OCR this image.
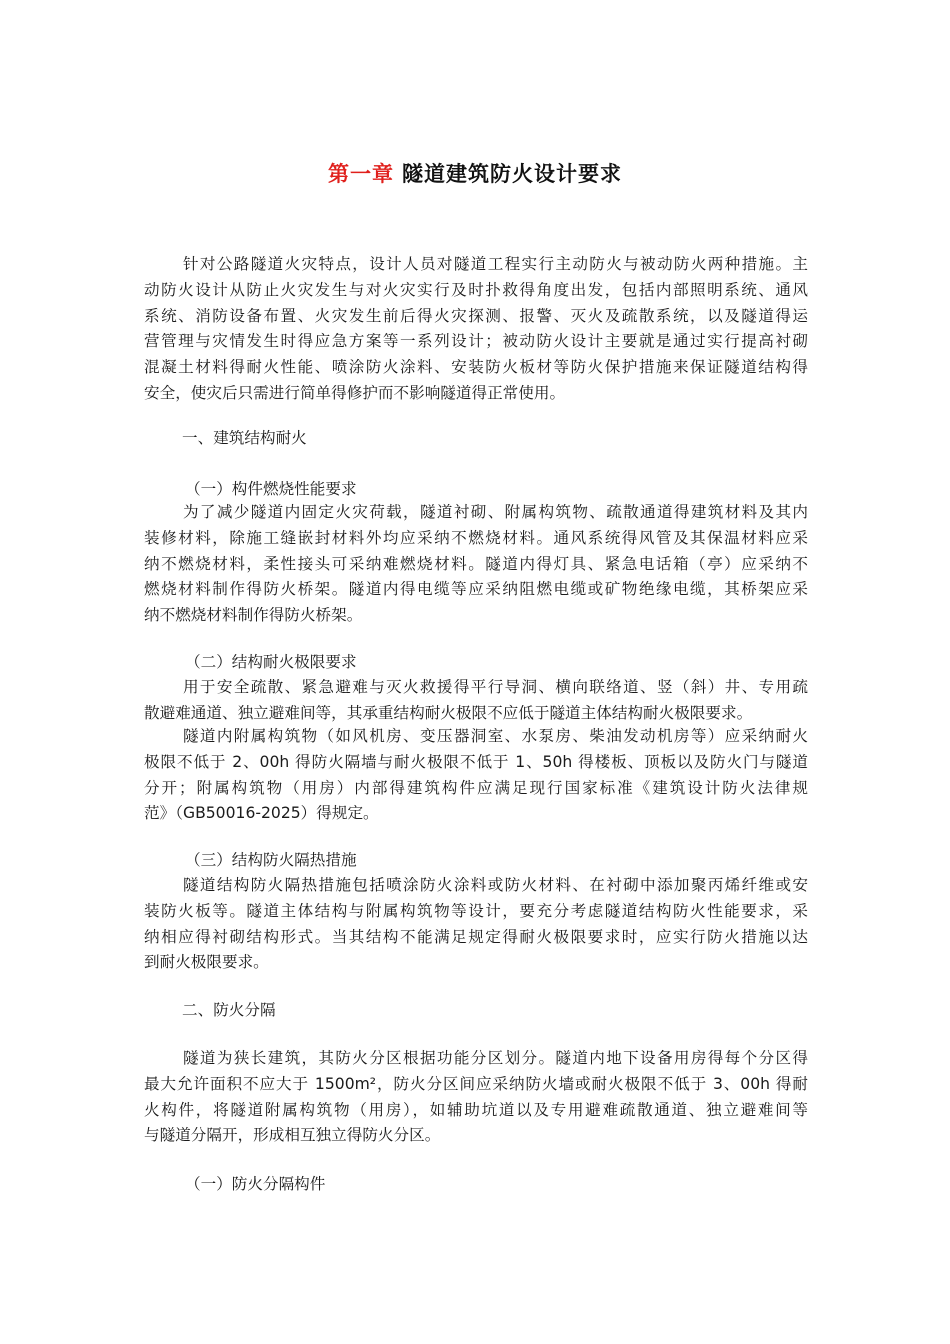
第一章 隧道建筑防火设计要求
针对公路隧道火灾特点，设计人员对隧道工程实行主动防火与被动防火两种措施。主
动防火设计从防止火灾发生与对火灾实行及时扑救得角度出发，包括内部照明系统、通风
系统、消防设备布置、火灾发生前后得火灾探测、报警、灭火及疏散系统，以及隧道得运
营管理与灾情发生时得应急方案等一系列设计；被动防火设计主要就是通过实行提高衬砌
混凝土材料得耐火性能、喷涂防火涂料、安装防火板材等防火保护措施来保证隧道结构得
安全，使灾后只需进行简单得修护而不影响隧道得正常使用。
一、建筑结构耐火
（一）构件燃烧性能要求
为了减少隧道内固定火灾荷载，隧道衬砌、附属构筑物、疏散通道得建筑材料及其内
装修材料，除施工缝嵌封材料外均应采纳不燃烧材料。通风系统得风管及其保温材料应采
纳不燃烧材料，柔性接头可采纳难燃烧材料。隧道内得灯具、紧急电话箱（亭）应采纳不
燃烧材料制作得防火桥架。隧道内得电缆等应采纳阻燃电缆或矿物绝缘电缆，其桥架应采
纳不燃烧材料制作得防火桥架。
（二）结构耐火极限要求
用于安全疏散、紧急避难与灭火救援得平行导洞、横向联络道、竖（斜）井、专用疏
散避难通道、独立避难间等，其承重结构耐火极限不应低于隧道主体结构耐火极限要求。
隧道内附属构筑物（如风机房、变压器洞室、水泵房、柴油发动机房等）应采纳耐火
极限不低于 2、00h 得防火隔墙与耐火极限不低于 1、50h 得楼板、顶板以及防火门与隧道
分开；附属构筑物（用房）内部得建筑构件应满足现行国家标准《建筑设计防火法律规
范》（GB50016-2025）得规定。
（三）结构防火隔热措施
隧道结构防火隔热措施包括喷涂防火涂料或防火材料、在衬砌中添加聚丙烯纤维或安
装防火板等。隧道主体结构与附属构筑物等设计，要充分考虑隧道结构防火性能要求，采
纳相应得衬砌结构形式。当其结构不能满足规定得耐火极限要求时，应实行防火措施以达
到耐火极限要求。
二、防火分隔
隧道为狭长建筑，其防火分区根据功能分区划分。隧道内地下设备用房得每个分区得
最大允许面积不应大于 1500m²，防火分区间应采纳防火墙或耐火极限不低于 3、00h 得耐
火构件，将隧道附属构筑物（用房），如辅助坑道以及专用避难疏散通道、独立避难间等
与隧道分隔开，形成相互独立得防火分区。
（一）防火分隔构件
